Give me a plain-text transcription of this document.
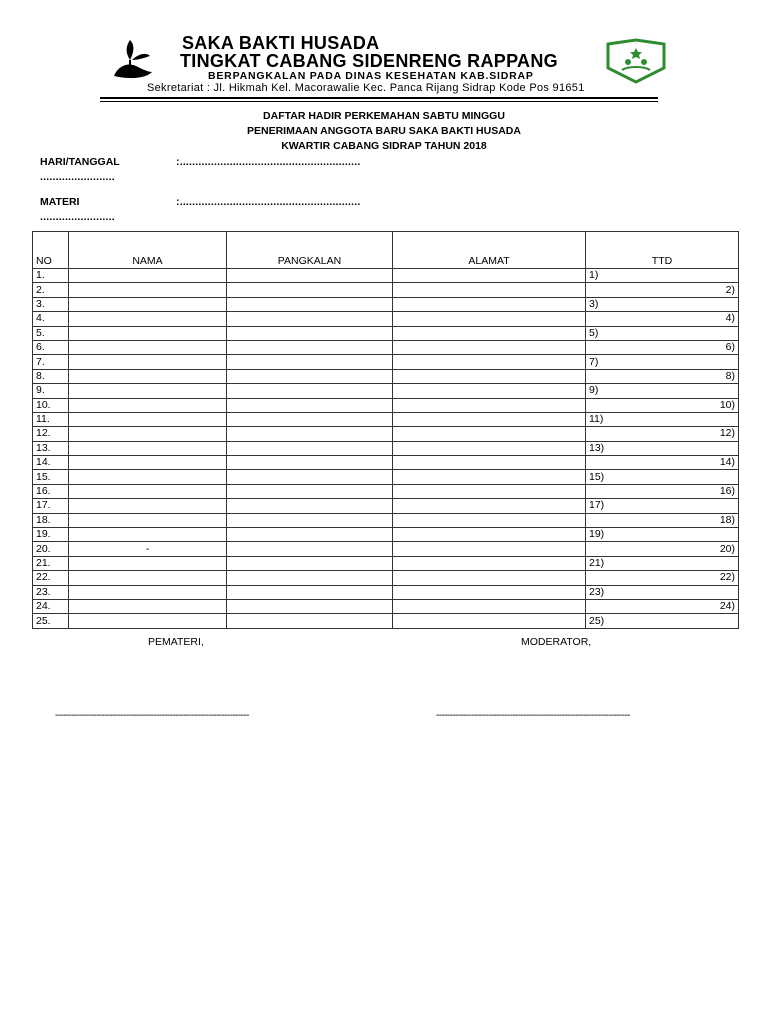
SAKA BAKTI HUSADA
TINGKAT CABANG SIDENRENG RAPPANG
BERPANGKALAN PADA DINAS KESEHATAN KAB.SIDRAP
Sekretariat : Jl. Hikmah Kel. Macorawalie Kec. Panca Rijang Sidrap Kode Pos 91651
DAFTAR HADIR PERKEMAHAN SABTU MINGGU
PENERIMAAN ANGGOTA BARU SAKA BAKTI HUSADA
KWARTIR CABANG SIDRAP TAHUN 2018
HARI/TANGGAL	:..........................................................
........................
MATERI	:..........................................................
........................
NO	NAMA	PANGKALAN	ALAMAT	TTD
1.				1)
2.				2)
3.				3)
4.				4)
5.				5)
6.				6)
7.				7)
8.				8)
9.				9)
10.				10)
11.				11)
12.				12)
13.				13)
14.				14)
15.				15)
16.				16)
17.				17)
18.				18)
19.				19)
20.	-			20)
21.				21)
22.				22)
23.				23)
24.				24)
25.				25)
PEMATERI,	MODERATOR,
-----------------------------------------------------------------------	-----------------------------------------------------------------------
